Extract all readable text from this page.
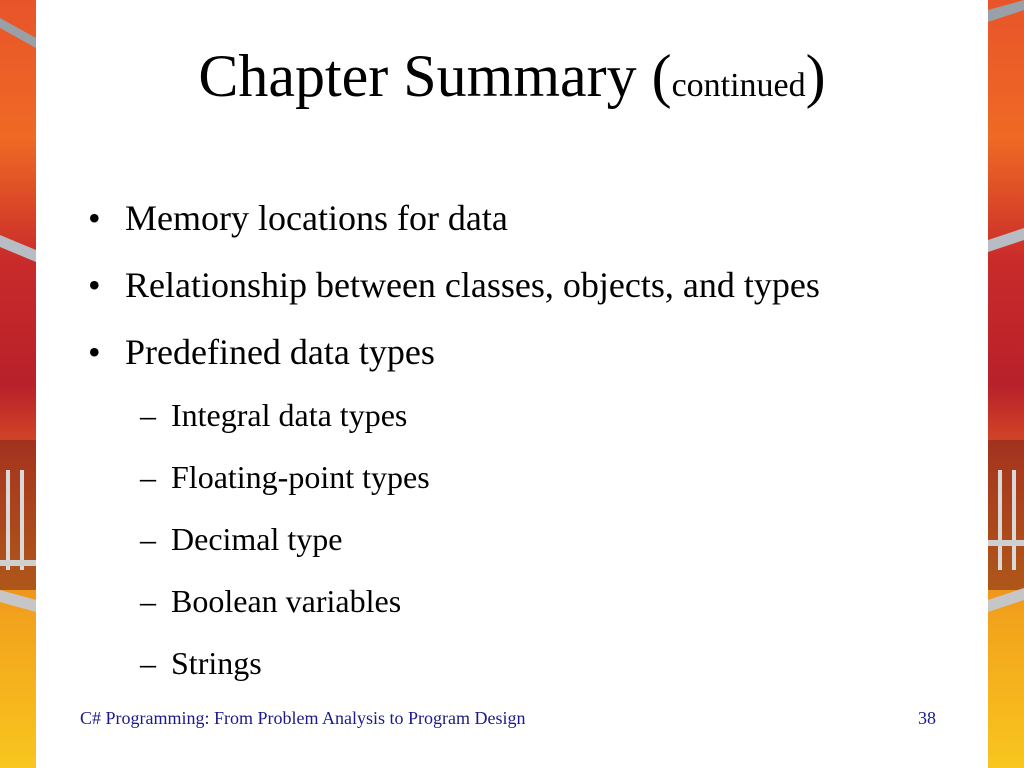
Chapter Summary (continued)
• Memory locations for data
• Relationship between classes, objects, and types
• Predefined data types
– Integral data types
– Floating-point types
– Decimal type
– Boolean variables
– Strings
C# Programming: From Problem Analysis to Program Design	38
